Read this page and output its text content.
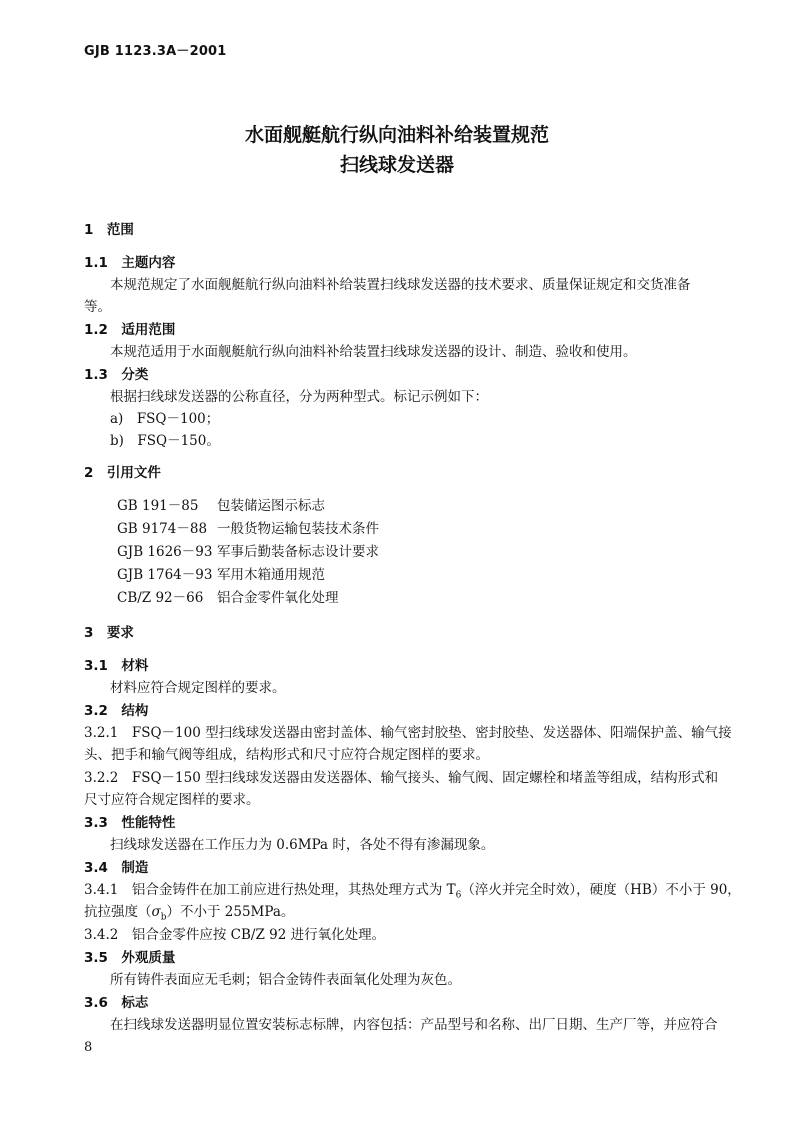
GJB 1123.3A－2001
水面舰艇航行纵向油料补给装置规范
扫线球发送器
1　 范围
1.1　 主题内容
本规范规定了水面舰艇航行纵向油料补给装置扫线球发送器的技术要求、质量保证规定和交货准备
等。
1.2　 适用范围
本规范适用于水面舰艇航行纵向油料补给装置扫线球发送器的设计、制造、验收和使用。
1.3　 分类
根据扫线球发送器的公称直径，分为两种型式。标记示例如下：
a)　FSQ－100；
b)　FSQ－150。
2　 引用文件
GB 191－85 包装储运图示标志
GB 9174－88 一般货物运输包装技术条件
GJB 1626－93 军事后勤装备标志设计要求
GJB 1764－93 军用木箱通用规范
CB/Z 92－66 铝合金零件氧化处理
3　 要求
3.1　 材料
材料应符合规定图样的要求。
3.2　 结构
3.2.1　FSQ－100 型扫线球发送器由密封盖体、输气密封胶垫、密封胶垫、发送器体、阳端保护盖、输气接
头、把手和输气阀等组成，结构形式和尺寸应符合规定图样的要求。
3.2.2　FSQ－150 型扫线球发送器由发送器体、输气接头、输气阀、固定螺栓和堵盖等组成，结构形式和
尺寸应符合规定图样的要求。
3.3　 性能特性
扫线球发送器在工作压力为 0.6MPa 时，各处不得有渗漏现象。
3.4　 制造
3.4.1　铝合金铸件在加工前应进行热处理，其热处理方式为 $T_6$（淬火并完全时效），硬度（HB）不小于 90，
抗拉强度$(\sigma_b)$不小于 255MPa。
3.4.2　铝合金零件应按 CB/Z 92 进行氧化处理。
3.5　 外观质量
所有铸件表面应无毛刺；铝合金铸件表面氧化处理为灰色。
3.6　 标志
在扫线球发送器明显位置安装标志标牌，内容包括：产品型号和名称、出厂日期、生产厂等，并应符合
8
